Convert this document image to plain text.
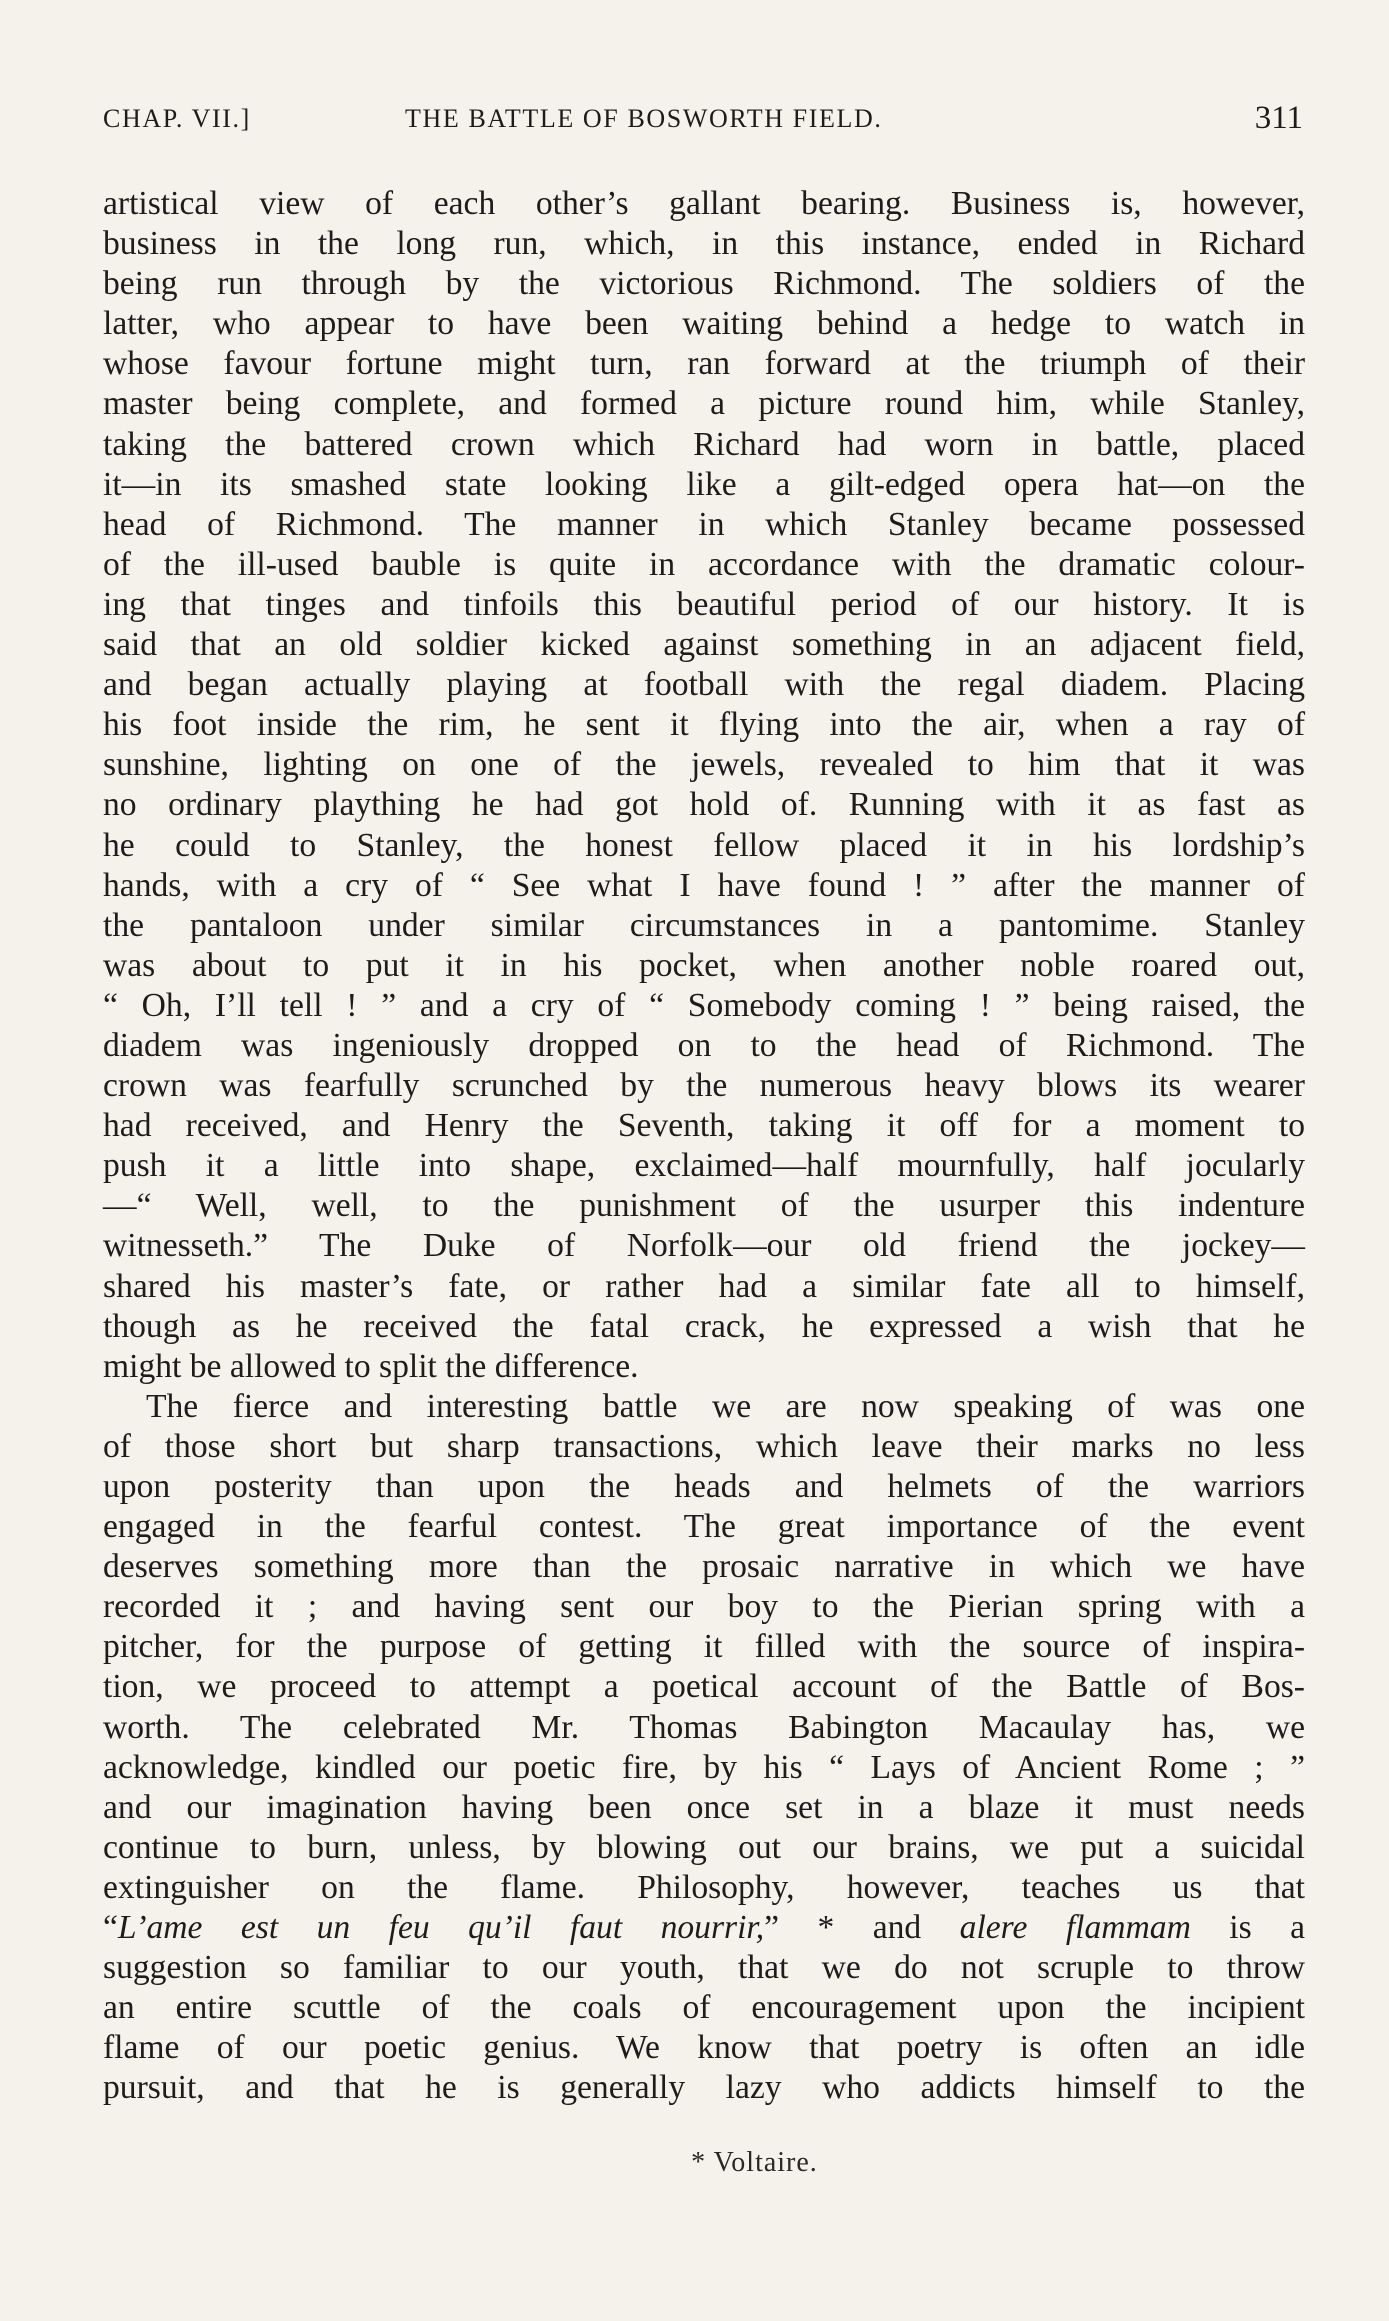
CHAP. VII.]	THE BATTLE OF BOSWORTH FIELD.	311
artistical view of each other’s gallant bearing. Business is, however,
business in the long run, which, in this instance, ended in Richard
being run through by the victorious Richmond. The soldiers of the
latter, who appear to have been waiting behind a hedge to watch in
whose favour fortune might turn, ran forward at the triumph of their
master being complete, and formed a picture round him, while Stanley,
taking the battered crown which Richard had worn in battle, placed
it—in its smashed state looking like a gilt-edged opera hat—on the
head of Richmond. The manner in which Stanley became possessed
of the ill-used bauble is quite in accordance with the dramatic colour-
ing that tinges and tinfoils this beautiful period of our history. It is
said that an old soldier kicked against something in an adjacent field,
and began actually playing at football with the regal diadem. Placing
his foot inside the rim, he sent it flying into the air, when a ray of
sunshine, lighting on one of the jewels, revealed to him that it was
no ordinary plaything he had got hold of. Running with it as fast as
he could to Stanley, the honest fellow placed it in his lordship’s
hands, with a cry of “ See what I have found ! ” after the manner of
the pantaloon under similar circumstances in a pantomime. Stanley
was about to put it in his pocket, when another noble roared out,
“ Oh, I’ll tell ! ” and a cry of “ Somebody coming ! ” being raised, the
diadem was ingeniously dropped on to the head of Richmond. The
crown was fearfully scrunched by the numerous heavy blows its wearer
had received, and Henry the Seventh, taking it off for a moment to
push it a little into shape, exclaimed—half mournfully, half jocularly
—“ Well, well, to the punishment of the usurper this indenture
witnesseth.” The Duke of Norfolk—our old friend the jockey—
shared his master’s fate, or rather had a similar fate all to himself,
though as he received the fatal crack, he expressed a wish that he
might be allowed to split the difference.
The fierce and interesting battle we are now speaking of was one
of those short but sharp transactions, which leave their marks no less
upon posterity than upon the heads and helmets of the warriors
engaged in the fearful contest. The great importance of the event
deserves something more than the prosaic narrative in which we have
recorded it ; and having sent our boy to the Pierian spring with a
pitcher, for the purpose of getting it filled with the source of inspira-
tion, we proceed to attempt a poetical account of the Battle of Bos-
worth. The celebrated Mr. Thomas Babington Macaulay has, we
acknowledge, kindled our poetic fire, by his “ Lays of Ancient Rome ; ”
and our imagination having been once set in a blaze it must needs
continue to burn, unless, by blowing out our brains, we put a suicidal
extinguisher on the flame. Philosophy, however, teaches us that
“L’ame est un feu qu’il faut nourrir,” * and alere flammam is a
suggestion so familiar to our youth, that we do not scruple to throw
an entire scuttle of the coals of encouragement upon the incipient
flame of our poetic genius. We know that poetry is often an idle
pursuit, and that he is generally lazy who addicts himself to the
* Voltaire.
